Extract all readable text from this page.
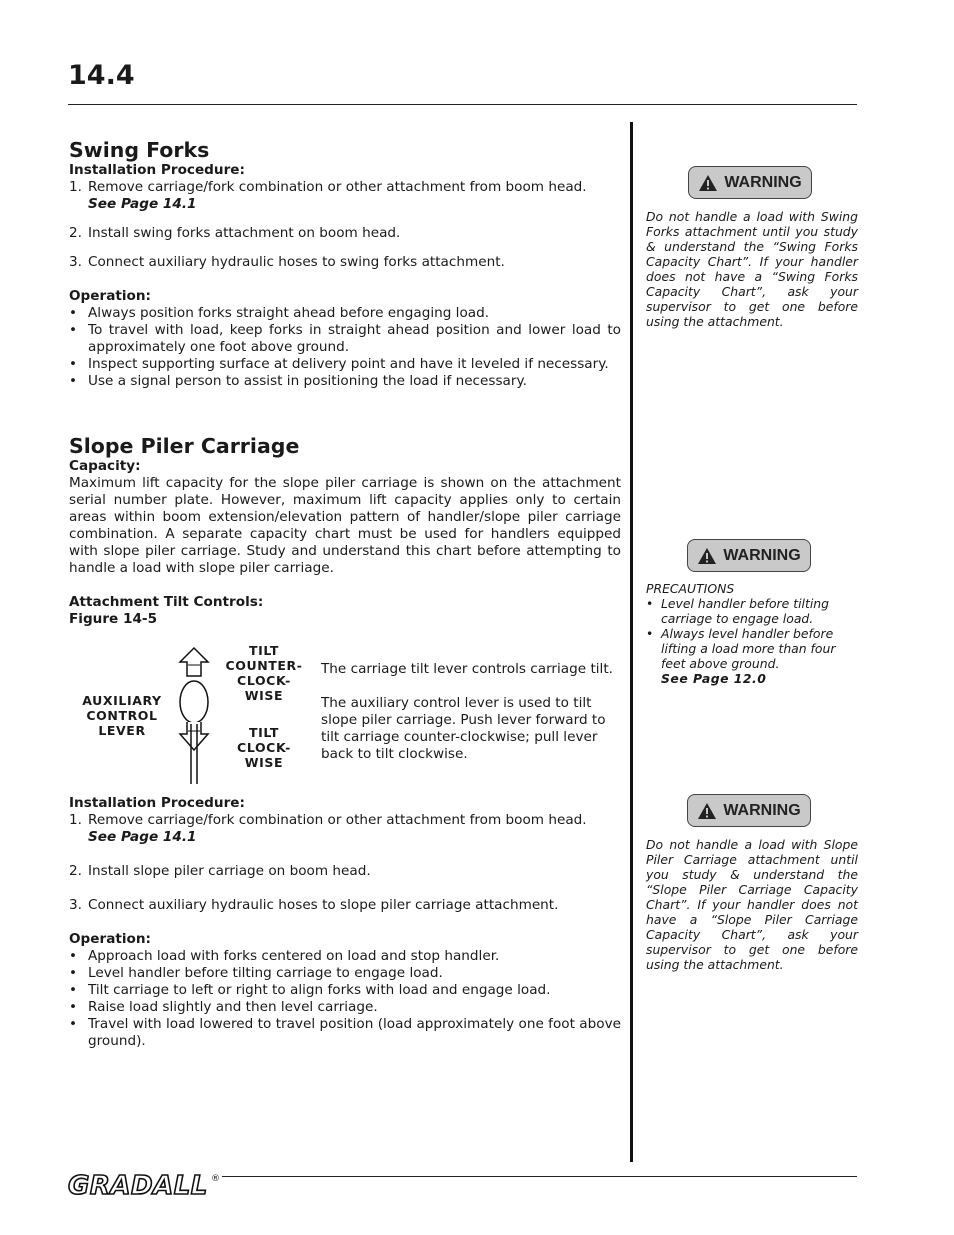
14.4
Swing Forks
Installation Procedure:
1. Remove carriage/fork combination or other attachment from boom head.
See Page 14.1
2. Install swing forks attachment on boom head.
3. Connect auxiliary hydraulic hoses to swing forks attachment.
Operation:
• Always position forks straight ahead before engaging load.
• To travel with load, keep forks in straight ahead position and lower load to approximately one foot above ground.
• Inspect supporting surface at delivery point and have it leveled if necessary.
• Use a signal person to assist in positioning the load if necessary.
Slope Piler Carriage
Capacity:

Maximum lift capacity for the slope piler carriage is shown on the attachment serial number plate. However, maximum lift capacity applies only to certain areas within boom extension/elevation pattern of handler/slope piler carriage combination. A separate capacity chart must be used for handlers equipped with slope piler carriage. Study and understand this chart before attempting to handle a load with slope piler carriage.

Attachment Tilt Controls:
Figure 14-5
AUXILIARY
CONTROL
LEVER
TILT
COUNTER-
CLOCK-
WISE
TILT
CLOCK-
WISE
The carriage tilt lever controls carriage tilt.
The auxiliary control lever is used to tilt slope piler carriage. Push lever forward to tilt carriage counter-clockwise; pull lever back to tilt clockwise.
Installation Procedure:
1. Remove carriage/fork combination or other attachment from boom head.
See Page 14.1
2. Install slope piler carriage on boom head.
3. Connect auxiliary hydraulic hoses to slope piler carriage attachment.
Operation:
• Approach load with forks centered on load and stop handler.
• Level handler before tilting carriage to engage load.
• Tilt carriage to left or right to align forks with load and engage load.
• Raise load slightly and then level carriage.
• Travel with load lowered to travel position (load approximately one foot above ground).
WARNING

Do not handle a load with Swing Forks attachment until you study & understand the “Swing Forks Capacity Chart”. If your handler does not have a “Swing Forks Capacity Chart”, ask your supervisor to get one before using the attachment.

WARNING
PRECAUTIONS
• Level handler before tilting carriage to engage load.
• Always level handler before lifting a load more than four feet above ground.
See Page 12.0
WARNING

Do not handle a load with Slope Piler Carriage attachment until you study & understand the “Slope Piler Carriage Capacity Chart”. If your handler does not have a “Slope Piler Carriage Capacity Chart”, ask your supervisor to get one before using the attachment.

GRADALL ®
